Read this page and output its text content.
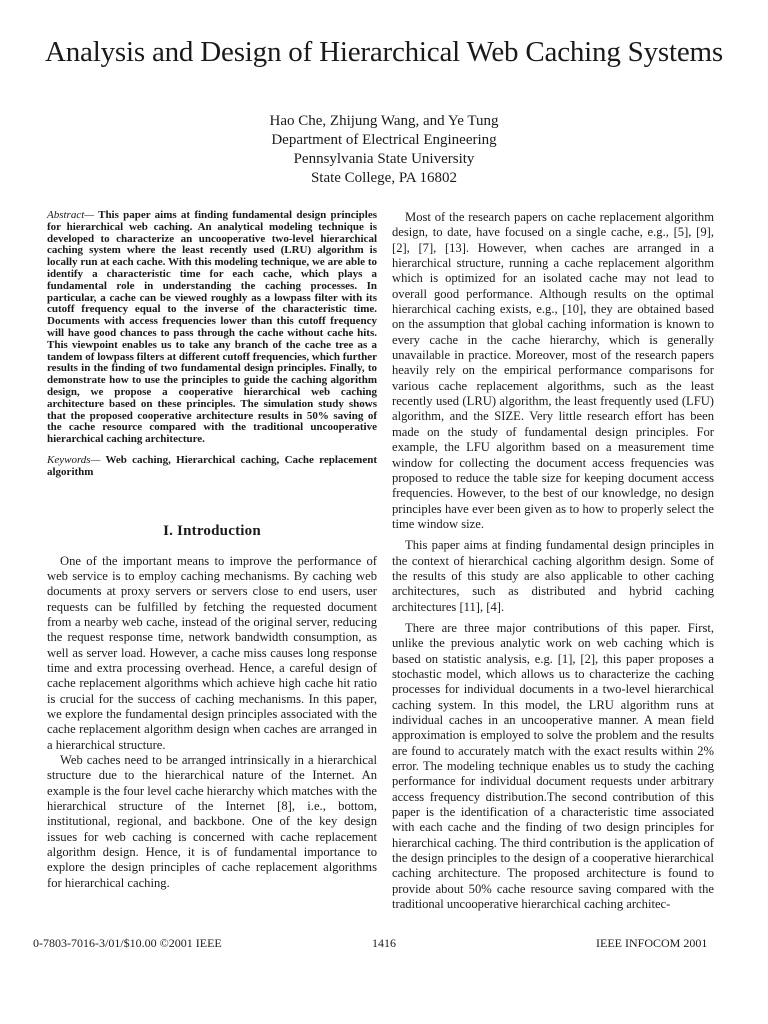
Analysis and Design of Hierarchical Web Caching Systems
Hao Che, Zhijung Wang, and Ye Tung
Department of Electrical Engineering
Pennsylvania State University
State College, PA 16802

Abstract— This paper aims at finding fundamental design principles for hierarchical web caching. An analytical modeling technique is developed to characterize an uncooperative two-level hierarchical caching system where the least recently used (LRU) algorithm is locally run at each cache. With this modeling technique, we are able to identify a characteristic time for each cache, which plays a fundamental role in understanding the caching processes. In particular, a cache can be viewed roughly as a lowpass filter with its cutoff frequency equal to the inverse of the characteristic time. Documents with access frequencies lower than this cutoff frequency will have good chances to pass through the cache without cache hits. This viewpoint enables us to take any branch of the cache tree as a tandem of lowpass filters at different cutoff frequencies, which further results in the finding of two fundamental design principles. Finally, to demonstrate how to use the principles to guide the caching algorithm design, we propose a cooperative hierarchical web caching architecture based on these principles. The simulation study shows that the proposed cooperative architecture results in 50% saving of the cache resource compared with the traditional uncooperative hierarchical caching architecture.

Keywords— Web caching, Hierarchical caching, Cache replacement algorithm

I. Introduction

One of the important means to improve the performance of web service is to employ caching mechanisms. By caching web documents at proxy servers or servers close to end users, user requests can be fulfilled by fetching the requested document from a nearby web cache, instead of the original server, reducing the request response time, network bandwidth consumption, as well as server load. However, a cache miss causes long response time and extra processing overhead. Hence, a careful design of cache replacement algorithms which achieve high cache hit ratio is crucial for the success of caching mechanisms. In this paper, we explore the fundamental design principles associated with the cache replacement algorithm design when caches are arranged in a hierarchical structure.

Web caches need to be arranged intrinsically in a hierarchical structure due to the hierarchical nature of the Internet. An example is the four level cache hierarchy which matches with the hierarchical structure of the Internet [8], i.e., bottom, institutional, regional, and backbone. One of the key design issues for web caching is concerned with cache replacement algorithm design. Hence, it is of fundamental importance to explore the design principles of cache replacement algorithms for hierarchical caching.

Most of the research papers on cache replacement algorithm design, to date, have focused on a single cache, e.g., [5], [9], [2], [7], [13]. However, when caches are arranged in a hierarchical structure, running a cache replacement algorithm which is optimized for an isolated cache may not lead to overall good performance. Although results on the optimal hierarchical caching exists, e.g., [10], they are obtained based on the assumption that global caching information is known to every cache in the cache hierarchy, which is generally unavailable in practice. Moreover, most of the research papers heavily rely on the empirical performance comparisons for various cache replacement algorithms, such as the least recently used (LRU) algorithm, the least frequently used (LFU) algorithm, and the SIZE. Very little research effort has been made on the study of fundamental design principles. For example, the LFU algorithm based on a measurement time window for collecting the document access frequencies was proposed to reduce the table size for keeping document access frequencies. However, to the best of our knowledge, no design principles have ever been given as to how to properly select the time window size.

This paper aims at finding fundamental design principles in the context of hierarchical caching algorithm design. Some of the results of this study are also applicable to other caching architectures, such as distributed and hybrid caching architectures [11], [4].

There are three major contributions of this paper. First, unlike the previous analytic work on web caching which is based on statistic analysis, e.g. [1], [2], this paper proposes a stochastic model, which allows us to characterize the caching processes for individual documents in a two-level hierarchical caching system. In this model, the LRU algorithm runs at individual caches in an uncooperative manner. A mean field approximation is employed to solve the problem and the results are found to accurately match with the exact results within 2% error. The modeling technique enables us to study the caching performance for individual document requests under arbitrary access frequency distribution.The second contribution of this paper is the identification of a characteristic time associated with each cache and the finding of two design principles for hierarchical caching. The third contribution is the application of the design principles to the design of a cooperative hierarchical caching architecture. The proposed architecture is found to provide about 50% cache resource saving compared with the traditional uncooperative hierarchical caching architec-

0-7803-7016-3/01/$10.00 ©2001 IEEE	1416	IEEE INFOCOM 2001
